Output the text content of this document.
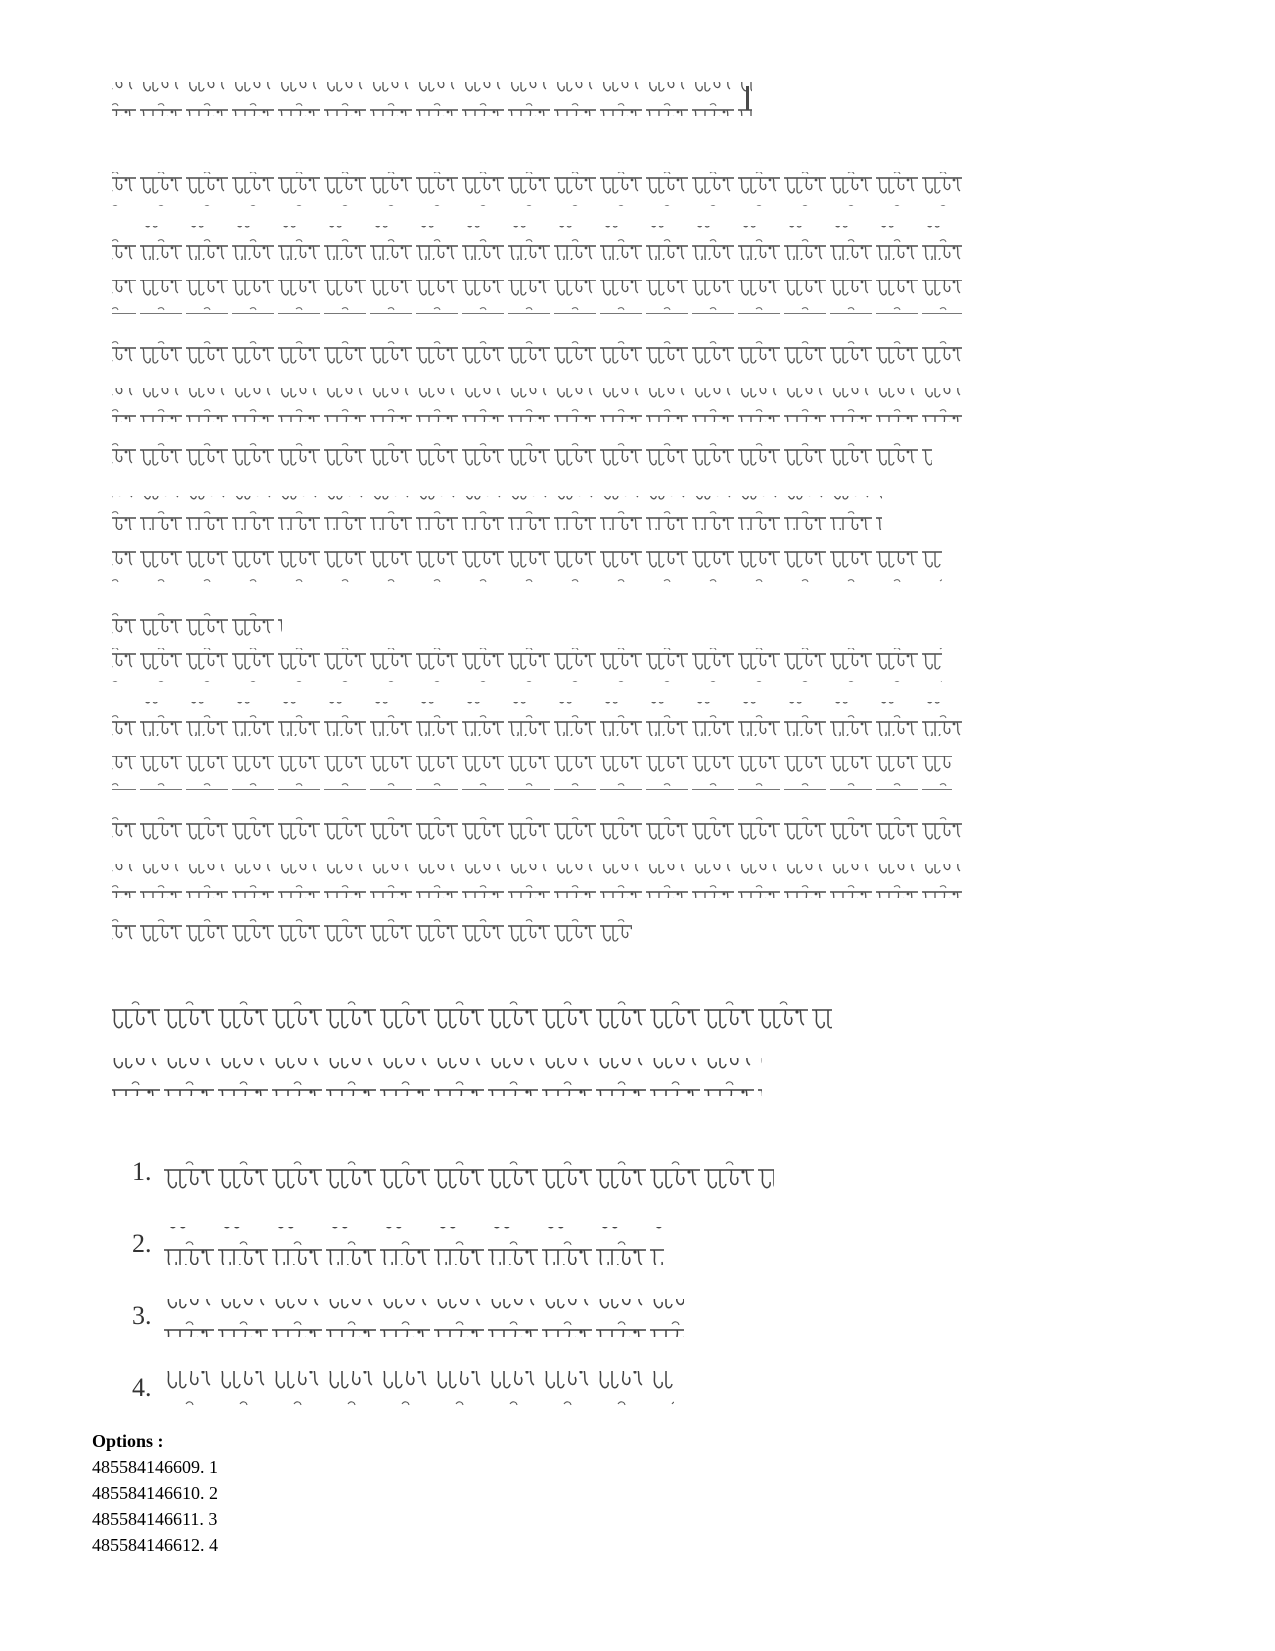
1.
2.
3.
4.
Options :
485584146609. 1
485584146610. 2
485584146611. 3
485584146612. 4
